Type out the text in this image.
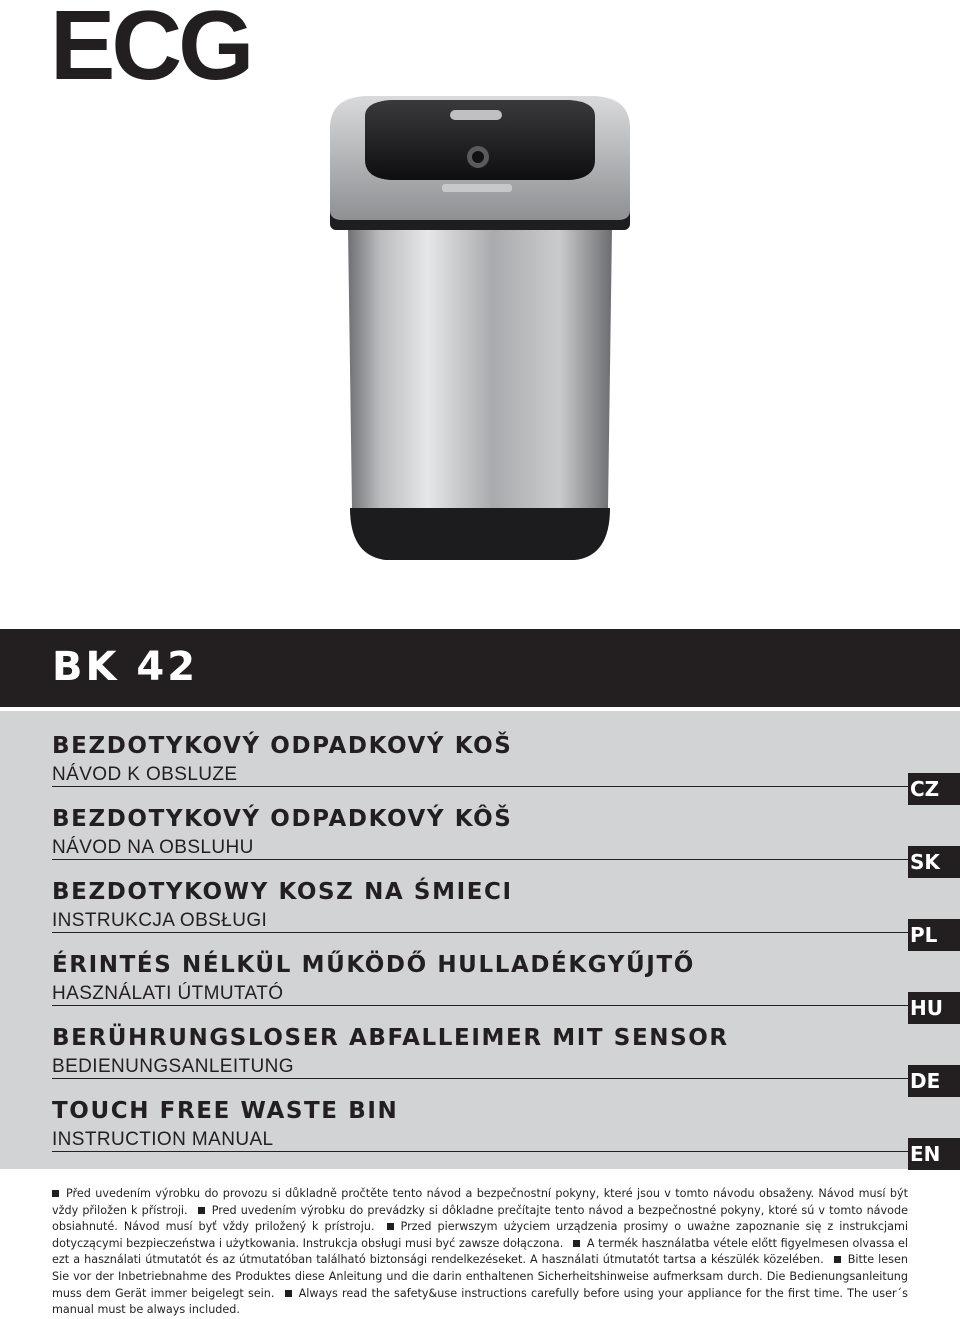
ECG
BK 42
BEZDOTYKOVÝ ODPADKOVÝ KOŠ
NÁVOD K OBSLUZE
CZ
BEZDOTYKOVÝ ODPADKOVÝ KÔŠ
NÁVOD NA OBSLUHU
SK
BEZDOTYKOWY KOSZ NA ŚMIECI
INSTRUKCJA OBSŁUGI
PL
ÉRINTÉS NÉLKÜL MŰKÖDŐ HULLADÉKGYŰJTŐ
HASZNÁLATI ÚTMUTATÓ
HU
BERÜHRUNGSLOSER ABFALLEIMER MIT SENSOR
BEDIENUNGSANLEITUNG
DE
TOUCH FREE WASTE BIN
INSTRUCTION MANUAL
EN
Před uvedením výrobku do provozu si důkladně pročtěte tento návod a bezpečnostní pokyny, které jsou v tomto návodu obsaženy. Návod musí být vždy přiložen k přístroji. Pred uvedením výrobku do prevádzky si dôkladne prečítajte tento návod a bezpečnostné pokyny, ktoré sú v tomto návode obsiahnuté. Návod musí byť vždy priložený k prístroju. Przed pierwszym użyciem urządzenia prosimy o uważne zapoznanie się z instrukcjami dotyczącymi bezpieczeństwa i użytkowania. Instrukcja obsługi musi być zawsze dołączona. A termék használatba vétele előtt figyelmesen olvassa el ezt a használati útmutatót és az útmutatóban található biztonsági rendelkezéseket. A használati útmutatót tartsa a készülék közelében. Bitte lesen Sie vor der Inbetriebnahme des Produktes diese Anleitung und die darin enthaltenen Sicherheitshinweise aufmerksam durch. Die Bedienungsanleitung muss dem Gerät immer beigelegt sein. Always read the safety&use instructions carefully before using your appliance for the first time. The user´s manual must be always included.
